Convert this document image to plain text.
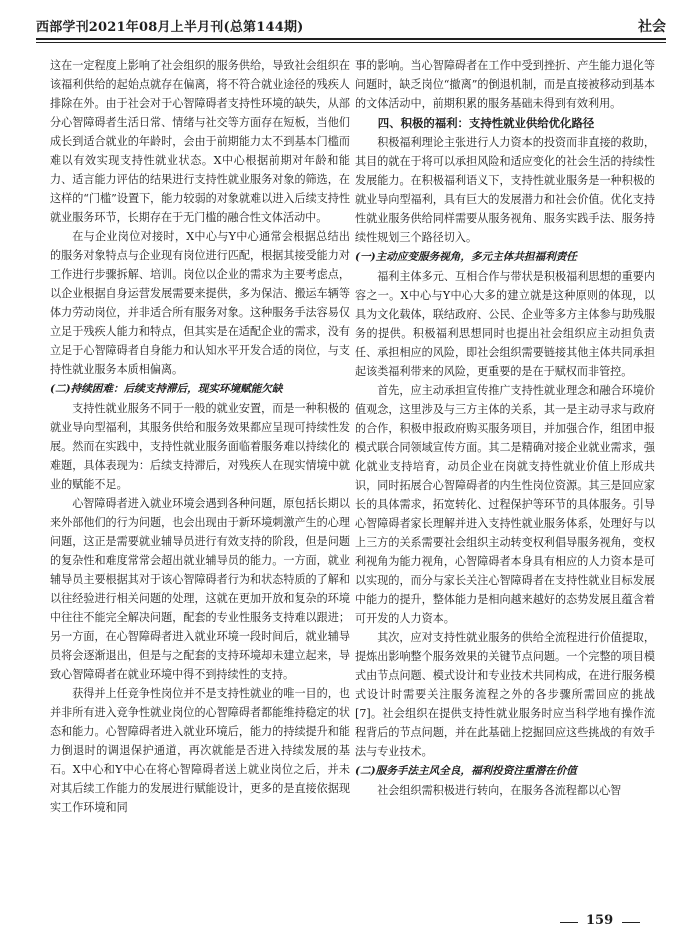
西部学刊2021年08月上半月刊(总第144期)	社会

这在一定程度上影响了社会组织的服务供给，导致社会组织在该福利供给的起始点就存在偏离，将不符合就业途径的残疾人排除在外。由于社会对于心智障碍者支持性环境的缺失，从部分心智障碍者生活日常、情绪与社交等方面存在短板，当他们成长到适合就业的年龄时，会由于前期能力太不到基本门槛而难以有效实现支持性就业状态。X中心根据前期对年龄和能力、适言能力评估的结果进行支持性就业服务对象的筛选，在这样的“门槛”设置下，能力较弱的对象就难以进入后续支持性就业服务环节，长期存在于无门槛的融合性文体活动中。

在与企业岗位对接时，X中心与Y中心通常会根据总结出的服务对象特点与企业现有岗位进行匹配，根据其接受能力对工作进行步骤拆解、培训。岗位以企业的需求为主要考虑点，以企业根据自身运营发展需要来提供，多为保洁、搬运车辆等体力劳动岗位，并非适合所有服务对象。这种服务手法容易仅立足于残疾人能力和特点，但其实是在适配企业的需求，没有立足于心智障碍者自身能力和认知水平开发合适的岗位，与支持性就业服务本质相偏离。

(二)持续困难：后续支持滞后，现实环境赋能欠缺

支持性就业服务不同于一般的就业安置，而是一种积极的就业导向型福利，其服务供给和服务效果都应呈现可持续性发展。然而在实践中，支持性就业服务面临着服务难以持续化的难题，具体表现为：后续支持滞后，对残疾人在现实情境中就业的赋能不足。

心智障碍者进入就业环境会遇到各种问题，原包括长期以来外部他们的行为问题，也会出现由于新环境刺激产生的心理问题，这正是需要就业辅导员进行有效支持的阶段，但是问题的复杂性和难度常常会超出就业辅导员的能力。一方面，就业辅导员主要根据其对于该心智障碍者行为和状态特质的了解和以往经验进行相关问题的处理，这就在更加开放和复杂的环境中往往不能完全解决问题，配套的专业性服务支持难以跟进；另一方面，在心智障碍者进入就业环境一段时间后，就业辅导员将会逐渐退出，但是与之配套的支持环境却未建立起来，导致心智障碍者在就业环境中得不到持续性的支持。

获得并上任竞争性岗位并不是支持性就业的唯一目的，也并非所有进入竞争性就业岗位的心智障碍者都能维持稳定的状态和能力。心智障碍者进入就业环境后，能力的持续提升和能力倒退时的调退保护通道，再次就能是否进入持续发展的基石。X中心和Y中心在将心智障碍者送上就业岗位之后，并未对其后续工作能力的发展进行赋能设计，更多的是直接依据现实工作环境和同

事的影响。当心智障碍者在工作中受到挫折、产生能力退化等问题时，缺乏岗位“撤离”的倒退机制，而是直接被移动到基本的文体活动中，前期积累的服务基础未得到有效利用。

四、积极的福利：支持性就业供给优化路径

积极福利理论主张进行人力资本的投资而非直接的救助，其目的就在于将可以承担风险和适应变化的社会生活的持续性发展能力。在积极福利语义下，支持性就业服务是一种积极的就业导向型福利，具有巨大的发展潜力和社会价值。优化支持性就业服务供给同样需要从服务视角、服务实践手法、服务持续性规划三个路径切入。

(一)主动应变服务视角，多元主体共担福利责任

福利主体多元、互相合作与带状是积极福利思想的重要内容之一。X中心与Y中心大多的建立就是这种原则的体现，以具为文化载体，联结政府、公民、企业等多方主体参与助残服务的提供。积极福利思想同时也提出社会组织应主动担负责任、承担相应的风险，即社会组织需要链接其他主体共同承担起该类福利带来的风险，更重要的是在于赋权而非管控。

首先，应主动承担宣传推广支持性就业理念和融合环境价值观念，这里涉及与三方主体的关系，其一是主动寻求与政府的合作，积极申报政府购买服务项目，并加强合作，组团申报模式联合同领域宣传方面。其二是精确对接企业就业需求，强化就业支持培育，动员企业在岗就支持性就业价值上形成共识，同时拓展合心智障碍者的内生性岗位资源。其三是回应家长的具体需求，拓宽转化、过程保护等环节的具体服务。引导心智障碍者家长理解并进入支持性就业服务体系，处理好与以上三方的关系需要社会组织主动转变权利倡导服务视角，变权利视角为能力视角，心智障碍者本身具有相应的人力资本是可以实现的，而分与家长关注心智障碍者在支持性就业目标发展中能力的提升，整体能力是相向越来越好的态势发展且蕴含着可开发的人力资本。

其次，应对支持性就业服务的供给全流程进行价值提取，提炼出影响整个服务效果的关键节点问题。一个完整的项目模式由节点问题、模式设计和专业技术共同构成，在进行服务模式设计时需要关注服务流程之外的各步骤所需回应的挑战[7]。社会组织在提供支持性就业服务时应当科学地有操作流程背后的节点问题，并在此基础上挖掘回应这些挑战的有效手法与专业技术。

(二)服务手法主风全良，福利投资注重潜在价值

社会组织需积极进行转向，在服务各流程都以心智

159
